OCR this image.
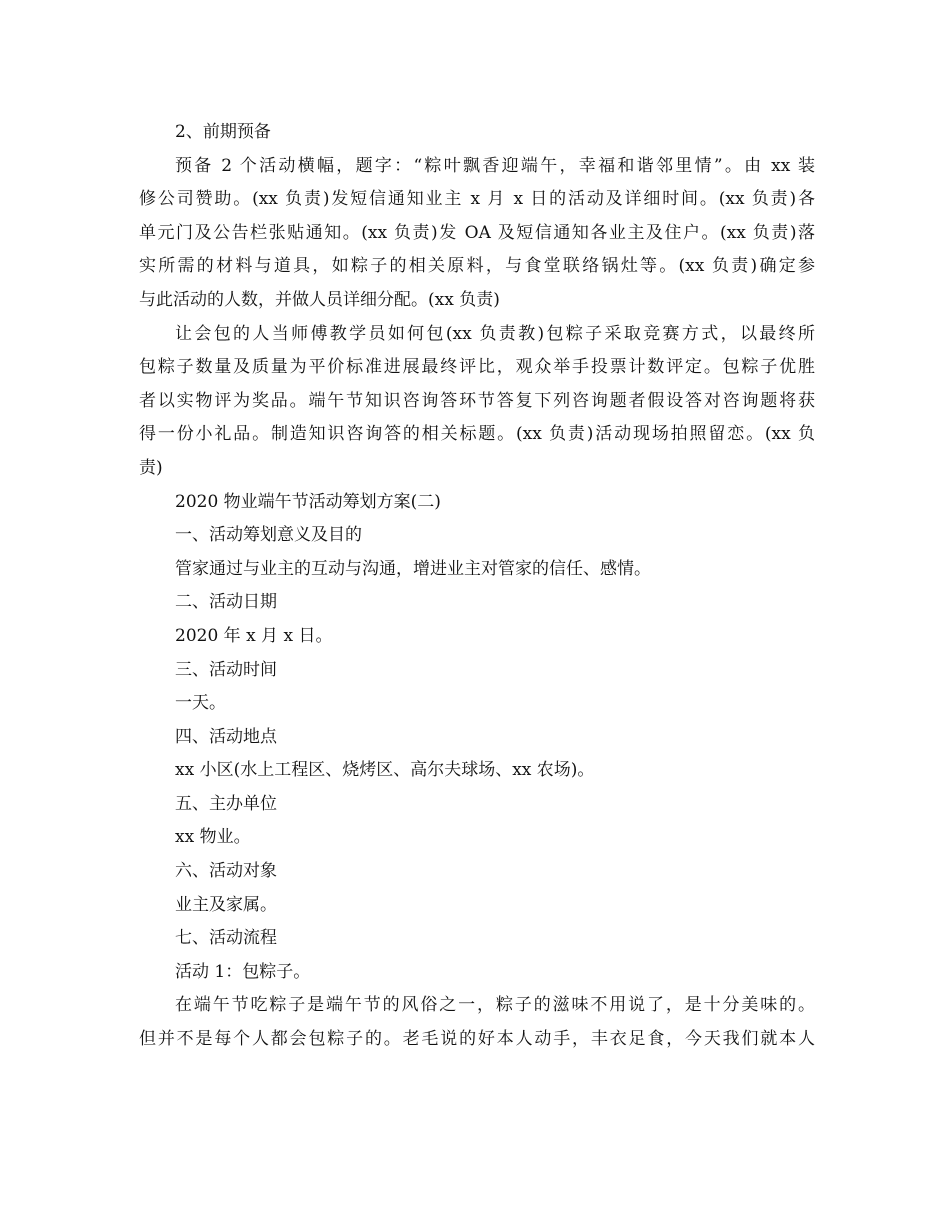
2、前期预备
预备 2 个活动横幅，题字：“粽叶飘香迎端午，幸福和谐邻里情”。由 xx 装
修公司赞助。(xx 负责)发短信通知业主 x 月 x 日的活动及详细时间。(xx 负责)各
单元门及公告栏张贴通知。(xx 负责)发 OA 及短信通知各业主及住户。(xx 负责)落
实所需的材料与道具，如粽子的相关原料，与食堂联络锅灶等。(xx 负责)确定参
与此活动的人数，并做人员详细分配。(xx 负责)
让会包的人当师傅教学员如何包(xx 负责教)包粽子采取竞赛方式，以最终所
包粽子数量及质量为平价标准进展最终评比，观众举手投票计数评定。包粽子优胜
者以实物评为奖品。端午节知识咨询答环节答复下列咨询题者假设答对咨询题将获
得一份小礼品。制造知识咨询答的相关标题。(xx 负责)活动现场拍照留恋。(xx 负
责)
2020 物业端午节活动筹划方案(二)
一、活动筹划意义及目的
管家通过与业主的互动与沟通，增进业主对管家的信任、感情。
二、活动日期
2020 年 x 月 x 日。
三、活动时间
一天。
四、活动地点
xx 小区(水上工程区、烧烤区、高尔夫球场、xx 农场)。
五、主办单位
xx 物业。
六、活动对象
业主及家属。
七、活动流程
活动 1：包粽子。
在端午节吃粽子是端午节的风俗之一，粽子的滋味不用说了，是十分美味的。
但并不是每个人都会包粽子的。老毛说的好本人动手，丰衣足食，今天我们就本人
